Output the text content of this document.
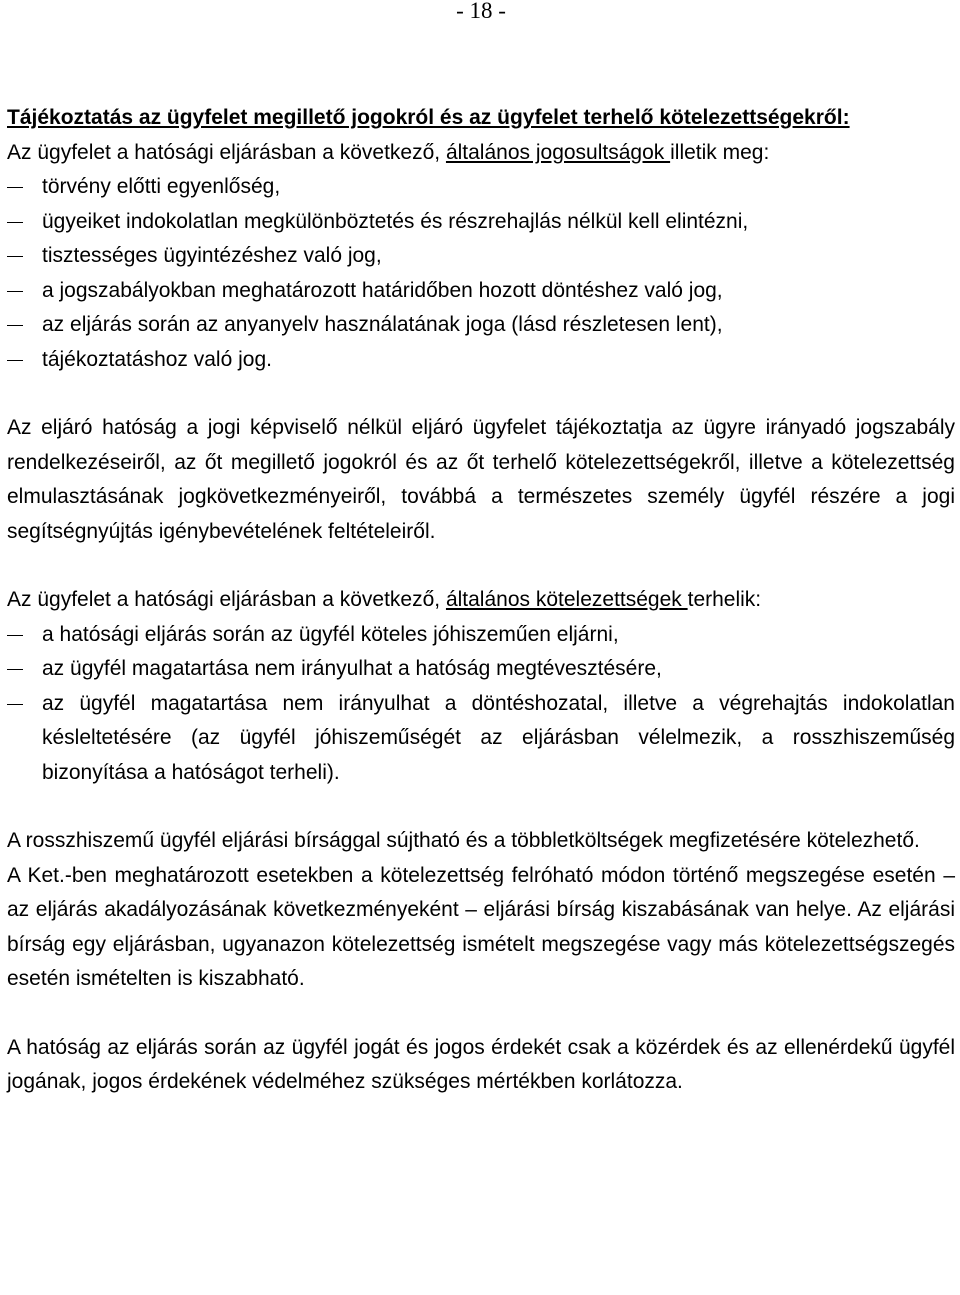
- 18 -

Tájékoztatás az ügyfelet megillető jogokról és az ügyfelet terhelő kötelezettségekről:

Az ügyfelet a hatósági eljárásban a következő, általános jogosultságok illetik meg:

törvény előtti egyenlőség,
ügyeiket indokolatlan megkülönböztetés és részrehajlás nélkül kell elintézni,
tisztességes ügyintézéshez való jog,
a jogszabályokban meghatározott határidőben hozott döntéshez való jog,
az eljárás során az anyanyelv használatának joga (lásd részletesen lent),
tájékoztatáshoz való jog.

Az eljáró hatóság a jogi képviselő nélkül eljáró ügyfelet tájékoztatja az ügyre irányadó jogszabály rendelkezéseiről, az őt megillető jogokról és az őt terhelő kötelezettségekről, illetve a kötelezettség elmulasztásának jogkövetkezményeiről, továbbá a természetes személy ügyfél részére a jogi segítségnyújtás igénybevételének feltételeiről.

Az ügyfelet a hatósági eljárásban a következő, általános kötelezettségek terhelik:

a hatósági eljárás során az ügyfél köteles jóhiszeműen eljárni,
az ügyfél magatartása nem irányulhat a hatóság megtévesztésére,
az ügyfél magatartása nem irányulhat a döntéshozatal, illetve a végrehajtás indokolatlan késleltetésére (az ügyfél jóhiszeműségét az eljárásban vélelmezik, a rosszhiszeműség bizonyítása a hatóságot terheli).

A rosszhiszemű ügyfél eljárási bírsággal sújtható és a többletköltségek megfizetésére kötelezhető.

A Ket.-ben meghatározott esetekben a kötelezettség felróható módon történő megszegése esetén – az eljárás akadályozásának következményeként – eljárási bírság kiszabásának van helye. Az eljárási bírság egy eljárásban, ugyanazon kötelezettség ismételt megszegése vagy más kötelezettségszegés esetén ismételten is kiszabható.

A hatóság az eljárás során az ügyfél jogát és jogos érdekét csak a közérdek és az ellenérdekű ügyfél jogának, jogos érdekének védelméhez szükséges mértékben korlátozza.
